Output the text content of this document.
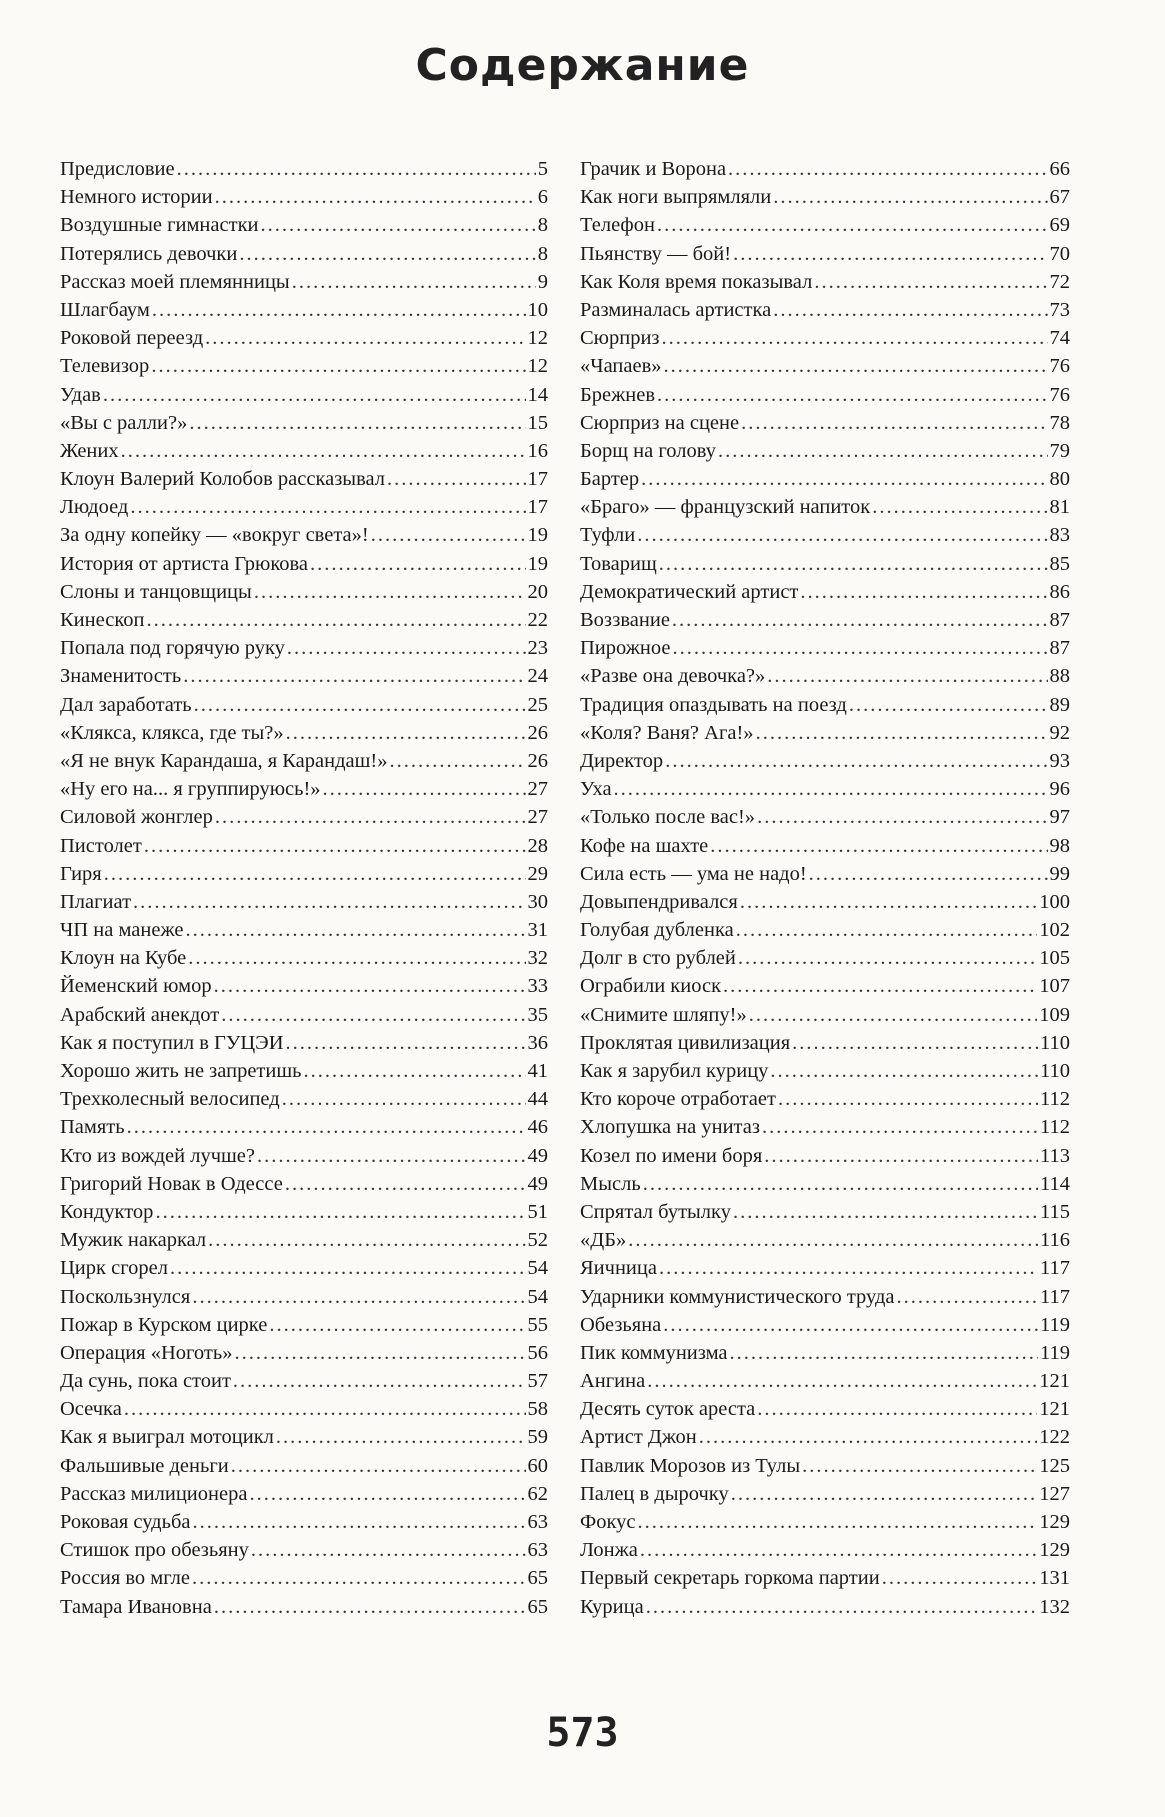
Содержание
Предисловие .....	5
Немного истории .....	6
Воздушные гимнастки .....	8
Потерялись девочки .....	8
Рассказ моей племянницы .....	9
Шлагбаум .....	10
Роковой переезд .....	12
Телевизор .....	12
Удав .....	14
«Вы с ралли?» .....	15
Жених .....	16
Клоун Валерий Колобов рассказывал .....	17
Людоед .....	17
За одну копейку — «вокруг света»! .....	19
История от артиста Грюкова .....	19
Слоны и танцовщицы .....	20
Кинескоп .....	22
Попала под горячую руку .....	23
Знаменитость .....	24
Дал заработать .....	25
«Клякса, клякса, где ты?» .....	26
«Я не внук Карандаша, я Карандаш!» .....	26
«Ну его на... я группируюсь!» .....	27
Силовой жонглер .....	27
Пистолет .....	28
Гиря .....	29
Плагиат .....	30
ЧП на манеже .....	31
Клоун на Кубе .....	32
Йеменский юмор .....	33
Арабский анекдот .....	35
Как я поступил в ГУЦЭИ .....	36
Хорошо жить не запретишь .....	41
Трехколесный велосипед .....	44
Память .....	46
Кто из вождей лучше? .....	49
Григорий Новак в Одессе .....	49
Кондуктор .....	51
Мужик накаркал .....	52
Цирк сгорел .....	54
Поскользнулся .....	54
Пожар в Курском цирке .....	55
Операция «Ноготь» .....	56
Да сунь, пока стоит .....	57
Осечка .....	58
Как я выиграл мотоцикл .....	59
Фальшивые деньги .....	60
Рассказ милиционера .....	62
Роковая судьба .....	63
Стишок про обезьяну .....	63
Россия во мгле .....	65
Тамара Ивановна .....	65
Грачик и Ворона .....	66
Как ноги выпрямляли .....	67
Телефон .....	69
Пьянству — бой! .....	70
Как Коля время показывал .....	72
Разминалась артистка .....	73
Сюрприз .....	74
«Чапаев» .....	76
Брежнев .....	76
Сюрприз на сцене .....	78
Борщ на голову .....	79
Бартер .....	80
«Браго» — французский напиток .....	81
Туфли .....	83
Товарищ .....	85
Демократический артист .....	86
Воззвание .....	87
Пирожное .....	87
«Разве она девочка?» .....	88
Традиция опаздывать на поезд .....	89
«Коля? Ваня? Ага!» .....	92
Директор .....	93
Уха .....	96
«Только после вас!» .....	97
Кофе на шахте .....	98
Сила есть — ума не надо! .....	99
Довыпендривался .....	100
Голубая дубленка .....	102
Долг в сто рублей .....	105
Ограбили киоск .....	107
«Снимите шляпу!» .....	109
Проклятая цивилизация .....	110
Как я зарубил курицу .....	110
Кто короче отработает .....	112
Хлопушка на унитаз .....	112
Козел по имени боря .....	113
Мысль .....	114
Спрятал бутылку .....	115
«ДБ» .....	116
Яичница .....	117
Ударники коммунистического труда .....	117
Обезьяна .....	119
Пик коммунизма .....	119
Ангина .....	121
Десять суток ареста .....	121
Артист Джон .....	122
Павлик Морозов из Тулы .....	125
Палец в дырочку .....	127
Фокус .....	129
Лонжа .....	129
Первый секретарь горкома партии .....	131
Курица .....	132
573
